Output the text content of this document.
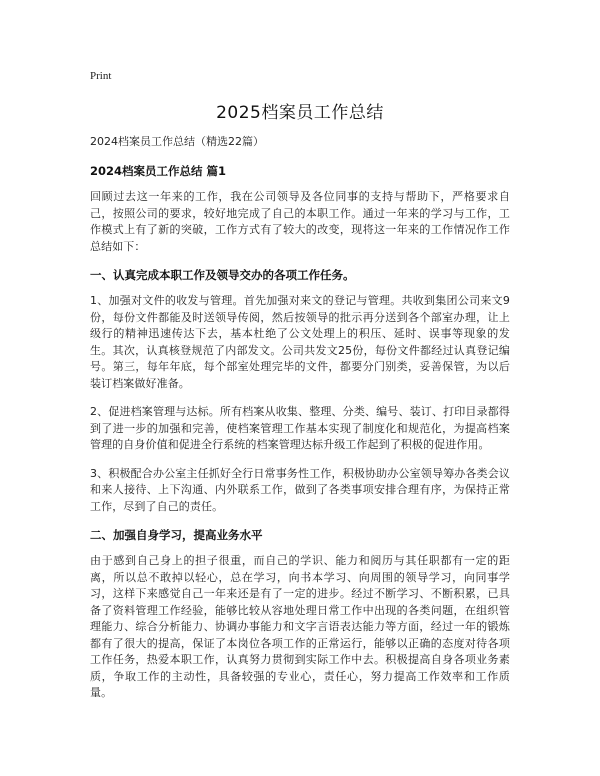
Print
2025档案员工作总结

2024档案员工作总结（精选22篇）

2024档案员工作总结 篇1

回顾过去这一年来的工作，我在公司领导及各位同事的支持与帮助下，严格要求自己，按照公司的要求，较好地完成了自己的本职工作。通过一年来的学习与工作，工作模式上有了新的突破，工作方式有了较大的改变，现将这一年来的工作情况作工作总结如下：

一、认真完成本职工作及领导交办的各项工作任务。

1、加强对文件的收发与管理。首先加强对来文的登记与管理。共收到集团公司来文9份，每份文件都能及时送领导传阅，然后按领导的批示再分送到各个部室办理，让上级行的精神迅速传达下去，基本杜绝了公文处理上的积压、延时、误事等现象的发生。其次，认真核登规范了内部发文。公司共发文25份，每份文件都经过认真登记编号。第三，每年年底，每个部室处理完毕的文件，都要分门别类，妥善保管，为以后装订档案做好准备。

2、促进档案管理与达标。所有档案从收集、整理、分类、编号、装订、打印目录都得到了进一步的加强和完善，使档案管理工作基本实现了制度化和规范化，为提高档案管理的自身价值和促进全行系统的档案管理达标升级工作起到了积极的促进作用。

3、积极配合办公室主任抓好全行日常事务性工作，积极协助办公室领导筹办各类会议和来人接待、上下沟通、内外联系工作，做到了各类事项安排合理有序，为保持正常工作，尽到了自己的责任。

二、加强自身学习，提高业务水平

由于感到自己身上的担子很重，而自己的学识、能力和阅历与其任职都有一定的距离，所以总不敢掉以轻心，总在学习，向书本学习、向周围的领导学习，向同事学习，这样下来感觉自己一年来还是有了一定的进步。经过不断学习、不断积累，已具备了资料管理工作经验，能够比较从容地处理日常工作中出现的各类问题，在组织管理能力、综合分析能力、协调办事能力和文字言语表达能力等方面，经过一年的锻炼都有了很大的提高，保证了本岗位各项工作的正常运行，能够以正确的态度对待各项工作任务，热爱本职工作，认真努力贯彻到实际工作中去。积极提高自身各项业务素质，争取工作的主动性，具备较强的专业心，责任心，努力提高工作效率和工作质量。
